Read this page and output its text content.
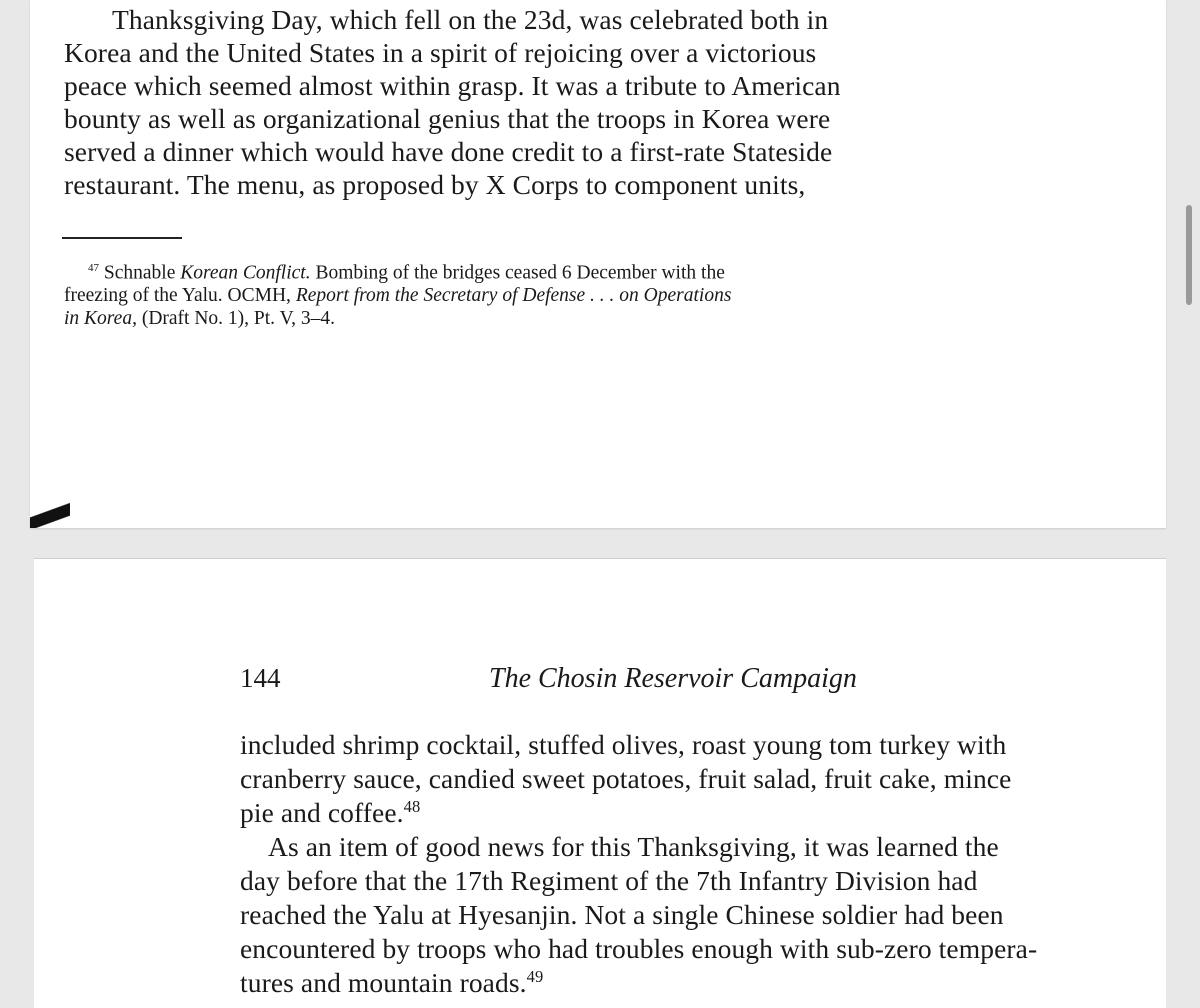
Thanksgiving Day, which fell on the 23d, was celebrated both in
Korea and the United States in a spirit of rejoicing over a victorious
peace which seemed almost within grasp. It was a tribute to American
bounty as well as organizational genius that the troops in Korea were
served a dinner which would have done credit to a first-rate Stateside
restaurant. The menu, as proposed by X Corps to component units,
$^{47}$ Schnable Korean Conflict. Bombing of the bridges ceased 6 December with the
freezing of the Yalu. OCMH, Report from the Secretary of Defense . . . on Operations
in Korea, (Draft No. 1), Pt. V, 3–4.
144	The Chosin Reservoir Campaign
included shrimp cocktail, stuffed olives, roast young tom turkey with
cranberry sauce, candied sweet potatoes, fruit salad, fruit cake, mince
pie and coffee.$^{48}$
As an item of good news for this Thanksgiving, it was learned the
day before that the 17th Regiment of the 7th Infantry Division had
reached the Yalu at Hyesanjin. Not a single Chinese soldier had been
encountered by troops who had troubles enough with sub-zero tempera-
tures and mountain roads.$^{49}$
